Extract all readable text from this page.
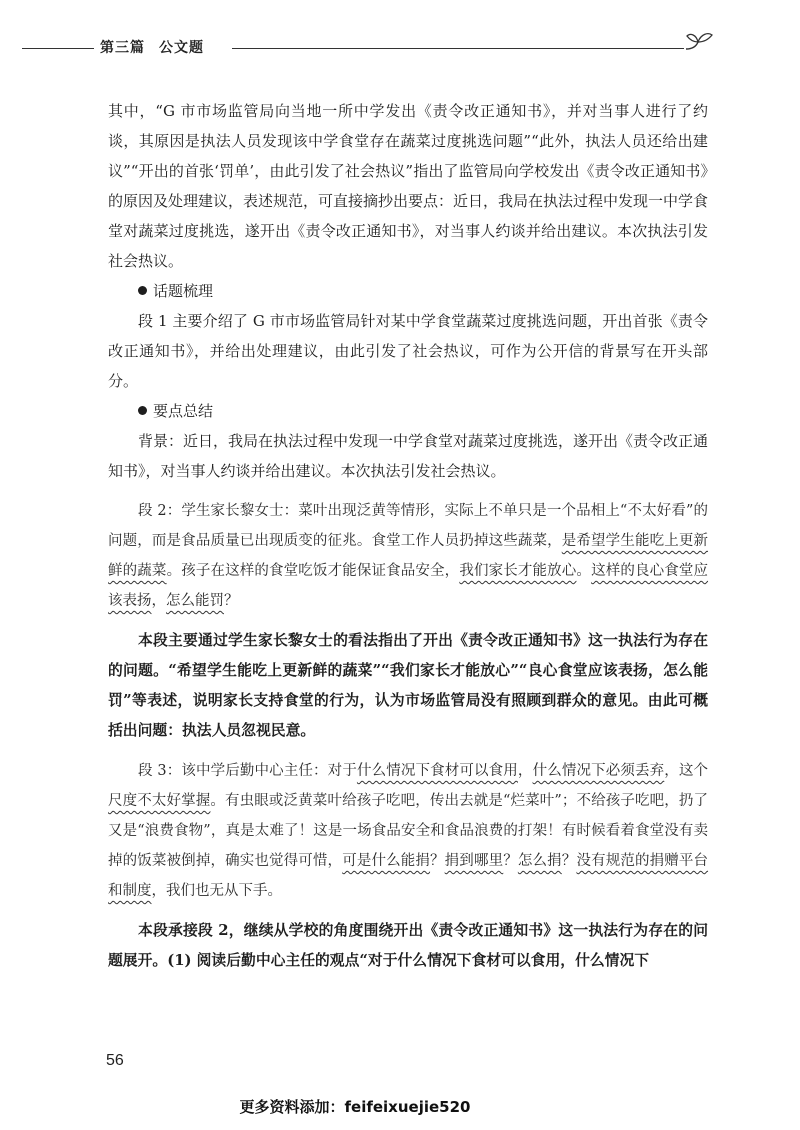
第三篇 公文题

其中，“G 市市场监管局向当地一所中学发出《责令改正通知书》，并对当事人进行了约谈，其原因是执法人员发现该中学食堂存在蔬菜过度挑选问题”“此外，执法人员还给出建议”“开出的首张‘罚单’，由此引发了社会热议”指出了监管局向学校发出《责令改正通知书》的原因及处理建议，表述规范，可直接摘抄出要点：近日，我局在执法过程中发现一中学食堂对蔬菜过度挑选，遂开出《责令改正通知书》，对当事人约谈并给出建议。本次执法引发社会热议。

话题梳理

段 1 主要介绍了 G 市市场监管局针对某中学食堂蔬菜过度挑选问题，开出首张《责令改正通知书》，并给出处理建议，由此引发了社会热议，可作为公开信的背景写在开头部分。

要点总结

背景：近日，我局在执法过程中发现一中学食堂对蔬菜过度挑选，遂开出《责令改正通知书》，对当事人约谈并给出建议。本次执法引发社会热议。

段 2：学生家长黎女士：菜叶出现泛黄等情形，实际上不单只是一个品相上“不太好看”的问题，而是食品质量已出现质变的征兆。食堂工作人员扔掉这些蔬菜，是希望学生能吃上更新鲜的蔬菜。孩子在这样的食堂吃饭才能保证食品安全，我们家长才能放心。这样的良心食堂应该表扬，怎么能罚？

本段主要通过学生家长黎女士的看法指出了开出《责令改正通知书》这一执法行为存在的问题。“希望学生能吃上更新鲜的蔬菜”“我们家长才能放心”“良心食堂应该表扬，怎么能罚”等表述，说明家长支持食堂的行为，认为市场监管局没有照顾到群众的意见。由此可概括出问题：执法人员忽视民意。

段 3：该中学后勤中心主任：对于什么情况下食材可以食用，什么情况下必须丢弃，这个尺度不太好掌握。有虫眼或泛黄菜叶给孩子吃吧，传出去就是“烂菜叶”；不给孩子吃吧，扔了又是“浪费食物”，真是太难了！这是一场食品安全和食品浪费的打架！有时候看着食堂没有卖掉的饭菜被倒掉，确实也觉得可惜，可是什么能捐？捐到哪里？怎么捐？没有规范的捐赠平台和制度，我们也无从下手。

本段承接段 2，继续从学校的角度围绕开出《责令改正通知书》这一执法行为存在的问题展开。(1) 阅读后勤中心主任的观点“对于什么情况下食材可以食用，什么情况下

56
更多资料添加：feifeixuejie520
